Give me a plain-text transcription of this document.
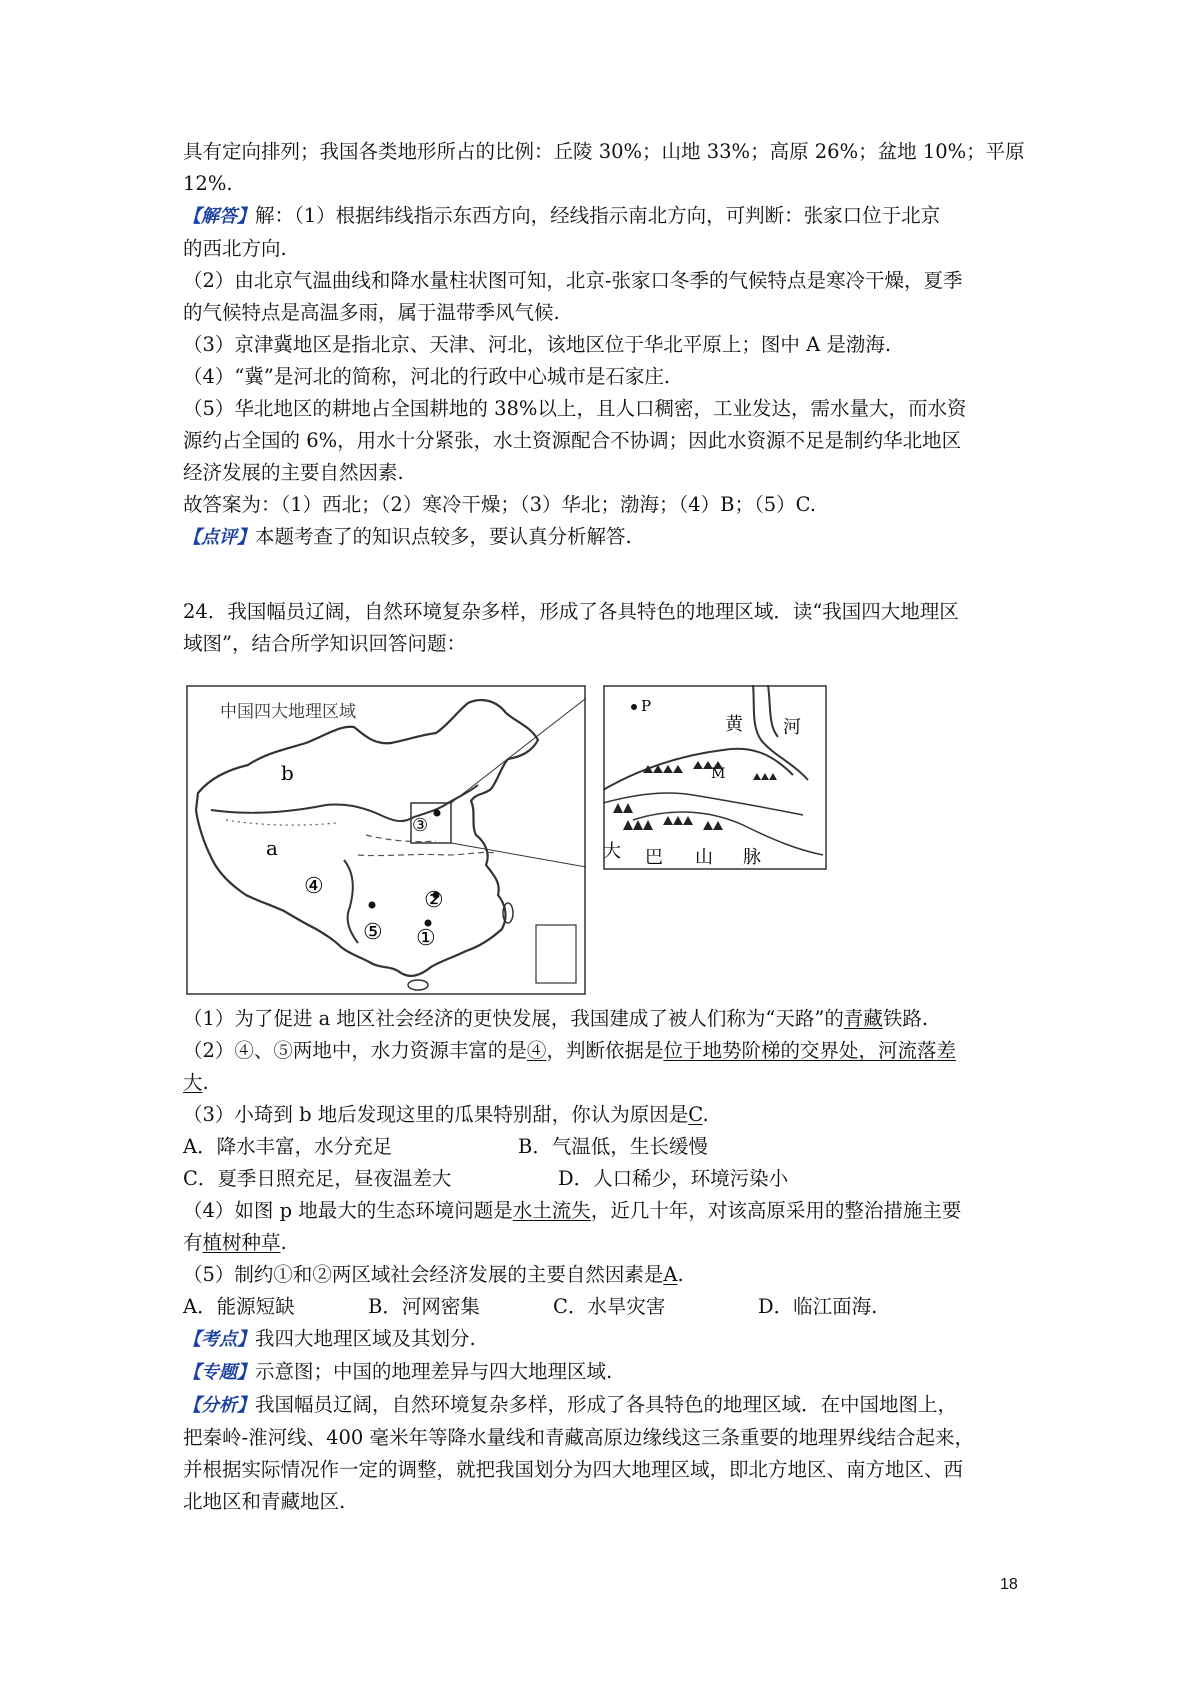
具有定向排列；我国各类地形所占的比例：丘陵 30%；山地 33%；高原 26%；盆地 10%；平原

12%.

【解答】解：（1）根据纬线指示东西方向，经线指示南北方向，可判断：张家口位于北京

的西北方向.

（2）由北京气温曲线和降水量柱状图可知，北京-张家口冬季的气候特点是寒冷干燥，夏季

的气候特点是高温多雨，属于温带季风气候.

（3）京津冀地区是指北京、天津、河北，该地区位于华北平原上；图中 A 是渤海.

（4）“冀”是河北的简称，河北的行政中心城市是石家庄.

（5）华北地区的耕地占全国耕地的 38%以上，且人口稠密，工业发达，需水量大，而水资

源约占全国的 6%，用水十分紧张，水土资源配合不协调；因此水资源不足是制约华北地区

经济发展的主要自然因素.

故答案为：（1）西北；（2）寒冷干燥；（3）华北；渤海；（4）B；（5）C.

【点评】本题考查了的知识点较多，要认真分析解答.

24．我国幅员辽阔，自然环境复杂多样，形成了各具特色的地理区域．读“我国四大地理区

域图”，结合所学知识回答问题：

中国四大地理区域
b
a
③
④
②
⑤ ①
P
黄 河
M
大 巴 山 脉

（1）为了促进 a 地区社会经济的更快发展，我国建成了被人们称为“天路”的青藏铁路.

（2）④、⑤两地中，水力资源丰富的是④，判断依据是位于地势阶梯的交界处，河流落差

大.

（3）小琦到 b 地后发现这里的瓜果特别甜，你认为原因是C.

A．降水丰富，水分充足	B．气温低，生长缓慢

C．夏季日照充足，昼夜温差大	D．人口稀少，环境污染小

（4）如图 p 地最大的生态环境问题是水土流失，近几十年，对该高原采用的整治措施主要

有植树种草.

（5）制约①和②两区域社会经济发展的主要自然因素是A.

A．能源短缺	B．河网密集	C．水旱灾害	D．临江面海.

【考点】我四大地理区域及其划分.

【专题】示意图；中国的地理差异与四大地理区域.

【分析】我国幅员辽阔，自然环境复杂多样，形成了各具特色的地理区域．在中国地图上，

把秦岭-淮河线、400 毫米年等降水量线和青藏高原边缘线这三条重要的地理界线结合起来，

并根据实际情况作一定的调整，就把我国划分为四大地理区域，即北方地区、南方地区、西

北地区和青藏地区.

18
